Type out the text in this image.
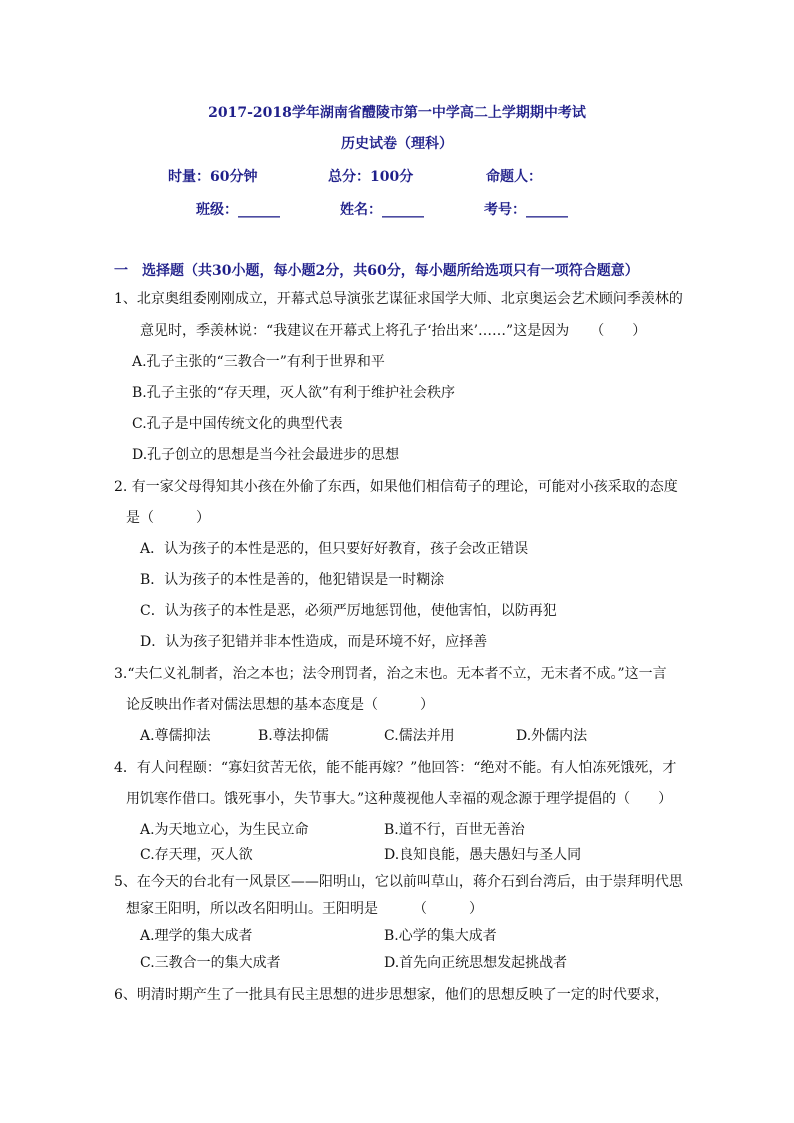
2017-2018学年湖南省醴陵市第一中学高二上学期期中考试
历史试卷（理科）
时量：60分钟	总分：100分	命题人：
班级：______	姓名：______	考号：______
一　选择题（共30小题，每小题2分，共60分，每小题所给选项只有一项符合题意）
1、北京奥组委刚刚成立，开幕式总导演张艺谋征求国学大师、北京奥运会艺术顾问季羡林的
意见时，季羡林说：“我建议在开幕式上将孔子‘抬出来’……”这是因为　　（　　）
A.孔子主张的“三教合一”有利于世界和平
B.孔子主张的“存天理，灭人欲”有利于维护社会秩序
C.孔子是中国传统文化的典型代表
D.孔子创立的思想是当今社会最进步的思想
2. 有一家父母得知其小孩在外偷了东西，如果他们相信荀子的理论，可能对小孩采取的态度
是（　　　）
A．认为孩子的本性是恶的，但只要好好教育，孩子会改正错误
B．认为孩子的本性是善的，他犯错误是一时糊涂
C．认为孩子的本性是恶，必须严厉地惩罚他，使他害怕，以防再犯
D．认为孩子犯错并非本性造成，而是环境不好，应择善
3.“夫仁义礼制者，治之本也；法令刑罚者，治之末也。无本者不立，无末者不成。”这一言
论反映出作者对儒法思想的基本态度是（　　　）
A.尊儒抑法	B.尊法抑儒	C.儒法并用	D.外儒内法
4．有人问程颐：“寡妇贫苦无依，能不能再嫁？”他回答：“绝对不能。有人怕冻死饿死，才
用饥寒作借口。饿死事小，失节事大。”这种蔑视他人幸福的观念源于理学提倡的（　　）
A.为天地立心，为生民立命	B.道不行，百世无善治
C.存天理，灭人欲	D.良知良能，愚夫愚妇与圣人同
5、在今天的台北有一风景区——阳明山，它以前叫草山，蒋介石到台湾后，由于崇拜明代思
想家王阳明，所以改名阳明山。王阳明是　　　（　　　）
A.理学的集大成者	B.心学的集大成者
C.三教合一的集大成者	D.首先向正统思想发起挑战者
6、明清时期产生了一批具有民主思想的进步思想家，他们的思想反映了一定的时代要求，
